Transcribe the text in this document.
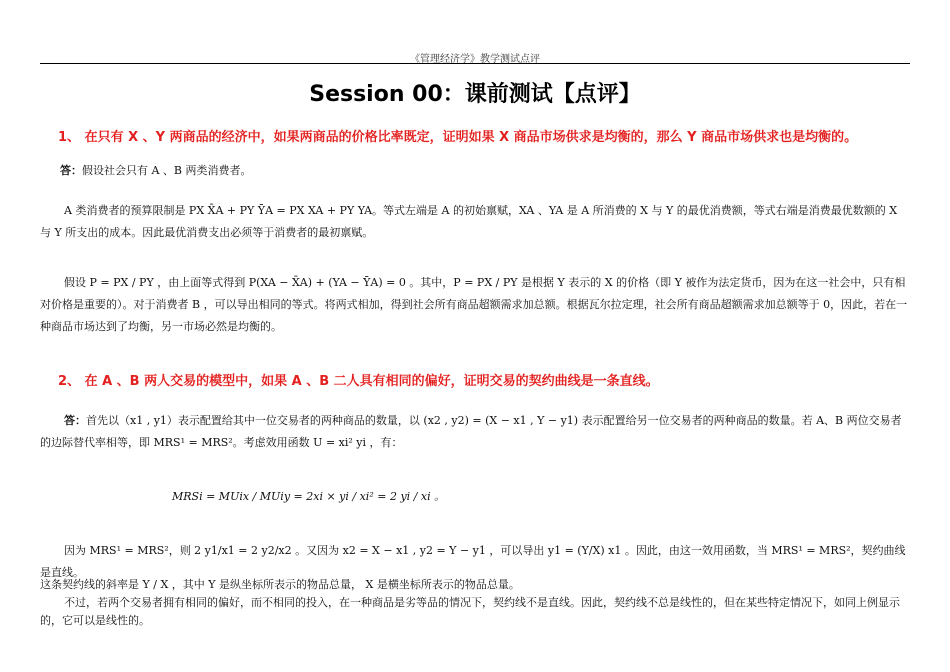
《管理经济学》教学测试点评
Session 00：课前测试【点评】
1、 在只有 X 、Y 两商品的经济中，如果两商品的价格比率既定，证明如果 X 商品市场供求是均衡的，那么 Y 商品市场供求也是均衡的。
答：假设社会只有 A 、B 两类消费者。
A 类消费者的预算限制是 PX X̄A + PY ȲA = PX XA + PY YA。等式左端是 A 的初始禀赋，XA 、YA 是 A 所消费的 X 与 Y 的最优消费额，等式右端是消费最优数额的 X 与 Y 所支出的成本。因此最优消费支出必须等于消费者的最初禀赋。
假设 P = PX / PY ，由上面等式得到 P(XA − X̄A) + (YA − ȲA) = 0 。其中，P = PX / PY 是根据 Y 表示的 X 的价格（即 Y 被作为法定货币，因为在这一社会中，只有相对价格是重要的）。对于消费者 B ，可以导出相同的等式。将两式相加，得到社会所有商品超额需求加总额。根据瓦尔拉定理，社会所有商品超额需求加总额等于 0，因此，若在一种商品市场达到了均衡，另一市场必然是均衡的。
2、 在 A 、B 两人交易的模型中，如果 A 、B 二人具有相同的偏好，证明交易的契约曲线是一条直线。
答：首先以（x1 , y1）表示配置给其中一位交易者的两种商品的数量，以 (x2 , y2) = (X − x1 , Y − y1) 表示配置给另一位交易者的两种商品的数量。若 A、B 两位交易者的边际替代率相等，即 MRS¹ = MRS²。考虑效用函数 U = xi² yi ，有：
MRSi = MUix / MUiy = 2xi × yi / xi² = 2 yi / xi 。
因为 MRS¹ = MRS²，则 2 y1/x1 = 2 y2/x2 。又因为 x2 = X − x1 , y2 = Y − y1 ，可以导出 y1 = (Y/X) x1 。因此，由这一效用函数，当 MRS¹ = MRS²，契约曲线是直线。
这条契约线的斜率是 Y / X ，其中 Y 是纵坐标所表示的物品总量， X 是横坐标所表示的物品总量。
不过，若两个交易者拥有相同的偏好，而不相同的投入，在一种商品是劣等品的情况下，契约线不是直线。因此，契约线不总是线性的，但在某些特定情况下，如同上例显示的，它可以是线性的。
